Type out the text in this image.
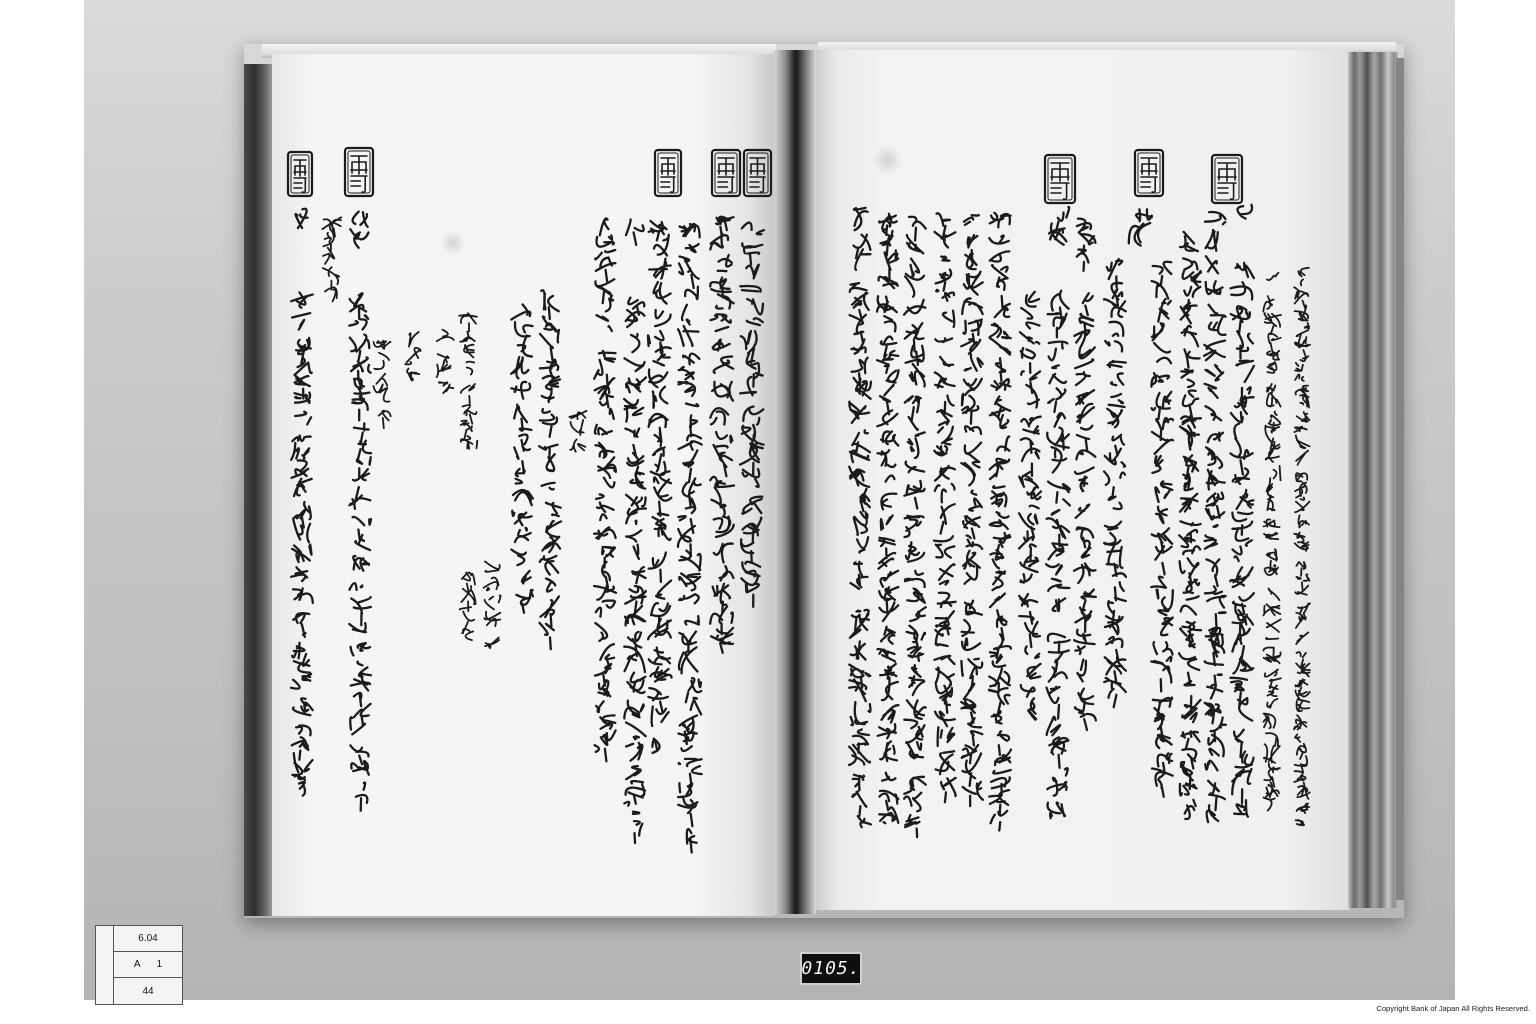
6.04
A 1
44
0105.
Copyright Bank of Japan All Rights Reserved.
